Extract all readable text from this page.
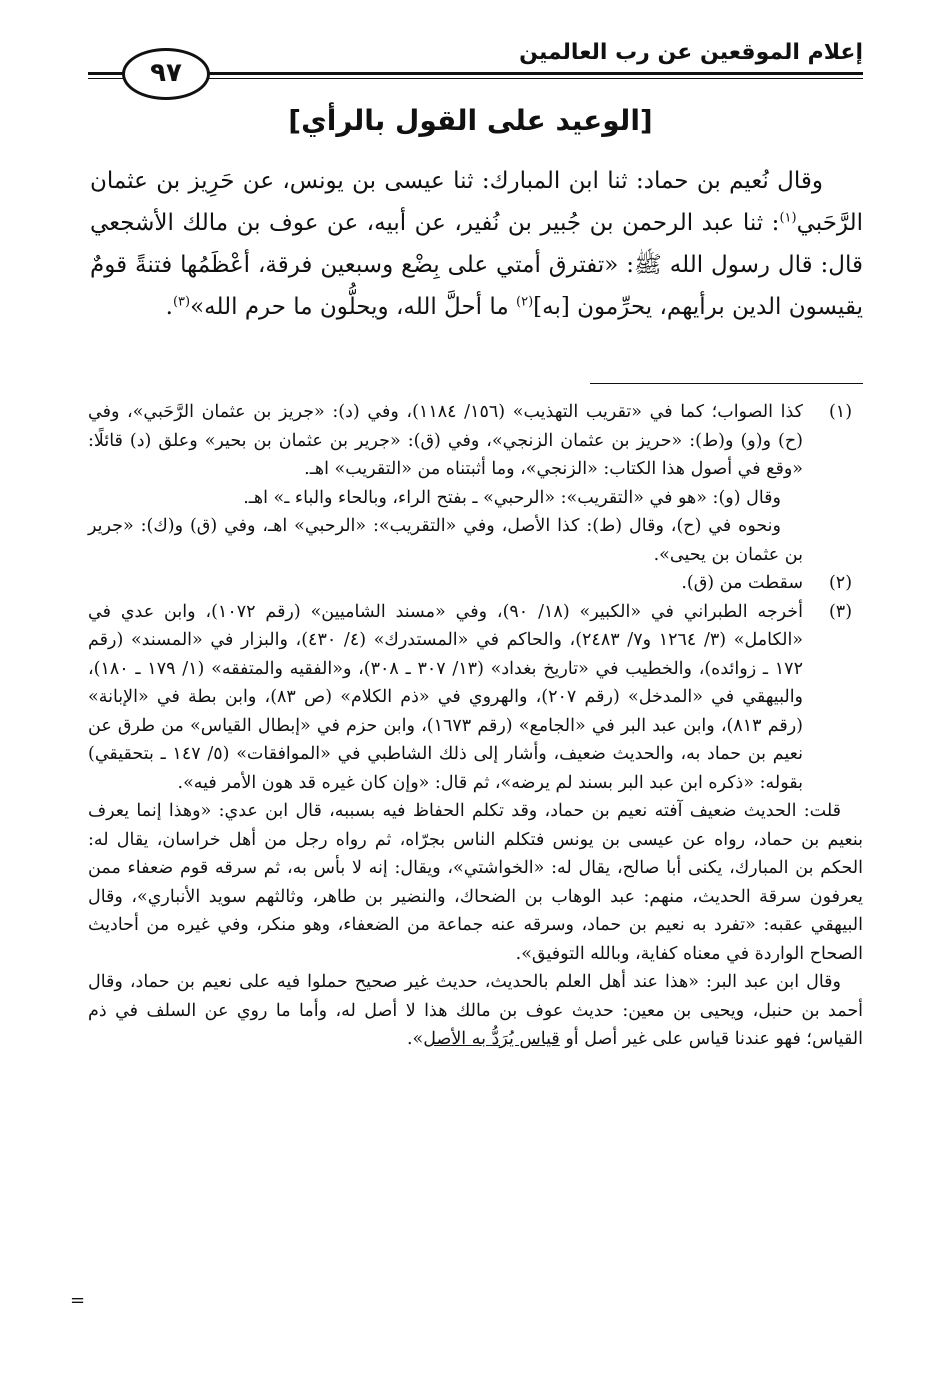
إعلام الموقعين عن رب العالمين
٩٧
[الوعيد على القول بالرأي]

وقال نُعيم بن حماد: ثنا ابن المبارك: ثنا عيسى بن يونس، عن حَرِيز بن عثمان الرَّحَبي$^{(١)}$: ثنا عبد الرحمن بن جُبير بن نُفير، عن أبيه، عن عوف بن مالك الأشجعي قال: قال رسول الله ﷺ: «تفترق أمتي على بِضْع وسبعين فرقة، أعْظَمُها فتنةً قومٌ يقيسون الدين برأيهم، يحرِّمون [به]$^{(٢)}$ ما أحلَّ الله، ويحلُّون ما حرم الله»$^{(٣)}$.

(١)

كذا الصواب؛ كما في «تقريب التهذيب» (١٥٦/ ١١٨٤)، وفي (د): «جريز بن عثمان الرَّحَبي»، وفي (ح) و(و) و(ط): «حريز بن عثمان الزنجي»، وفي (ق): «جرير بن عثمان بن بحير» وعلق (د) قائلًا: «وقع في أصول هذا الكتاب: «الزنجي»، وما أثبتناه من «التقريب» اهـ.

وقال (و): «هو في «التقريب»: «الرحبي» ـ بفتح الراء، وبالحاء والباء ـ» اهـ.

ونحوه في (ح)، وقال (ط): كذا الأصل، وفي «التقريب»: «الرحبي» اهـ، وفي (ق) و(ك): «جرير بن عثمان بن يحيى».

(٢)

سقطت من (ق).

(٣)

أخرجه الطبراني في «الكبير» (١٨/ ٩٠)، وفي «مسند الشاميين» (رقم ١٠٧٢)، وابن عدي في «الكامل» (٣/ ١٢٦٤ و٧/ ٢٤٨٣)، والحاكم في «المستدرك» (٤/ ٤٣٠)، والبزار في «المسند» (رقم ١٧٢ ـ زوائده)، والخطيب في «تاريخ بغداد» (١٣/ ٣٠٧ ـ ٣٠٨)، و«الفقيه والمتفقه» (١/ ١٧٩ ـ ١٨٠)، والبيهقي في «المدخل» (رقم ٢٠٧)، والهروي في «ذم الكلام» (ص ٨٣)، وابن بطة في «الإبانة» (رقم ٨١٣)، وابن عبد البر في «الجامع» (رقم ١٦٧٣)، وابن حزم في «إبطال القياس» من طرق عن نعيم بن حماد به، والحديث ضعيف، وأشار إلى ذلك الشاطبي في «الموافقات» (٥/ ١٤٧ ـ بتحقيقي) بقوله: «ذكره ابن عبد البر بسند لم يرضه»، ثم قال: «وإن كان غيره قد هون الأمر فيه».

قلت: الحديث ضعيف آفته نعيم بن حماد، وقد تكلم الحفاظ فيه بسببه، قال ابن عدي: «وهذا إنما يعرف بنعيم بن حماد، رواه عن عيسى بن يونس فتكلم الناس بجرّاه، ثم رواه رجل من أهل خراسان، يقال له: الحكم بن المبارك، يكنى أبا صالح، يقال له: «الخواشتي»، ويقال: إنه لا بأس به، ثم سرقه قوم ضعفاء ممن يعرفون سرقة الحديث، منهم: عبد الوهاب بن الضحاك، والنضير بن طاهر، وثالثهم سويد الأنباري»، وقال البيهقي عقبه: «تفرد به نعيم بن حماد، وسرقه عنه جماعة من الضعفاء، وهو منكر، وفي غيره من أحاديث الصحاح الواردة في معناه كفاية، وبالله التوفيق».

وقال ابن عبد البر: «هذا عند أهل العلم بالحديث، حديث غير صحيح حملوا فيه على نعيم بن حماد، وقال أحمد بن حنبل، ويحيى بن معين: حديث عوف بن مالك هذا لا أصل له، وأما ما روي عن السلف في ذم القياس؛ فهو عندنا قياس على غير أصل أو قياس يُرَدُّ به الأصل».

=
